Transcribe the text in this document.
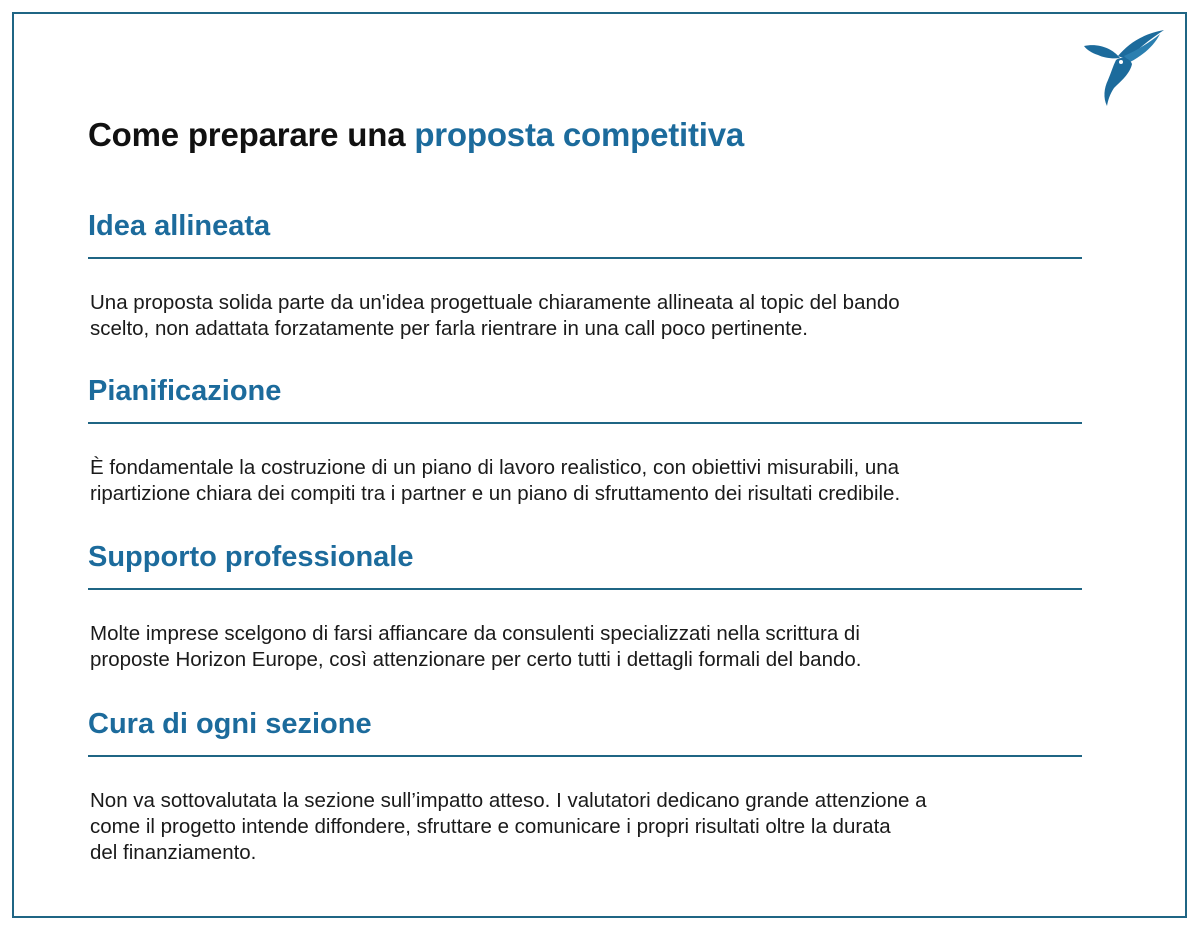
Come preparare una proposta competitiva
Idea allineata

Una proposta solida parte da un'idea progettuale chiaramente allineata al topic del bando
scelto, non adattata forzatamente per farla rientrare in una call poco pertinente.

Pianificazione

È fondamentale la costruzione di un piano di lavoro realistico, con obiettivi misurabili, una
ripartizione chiara dei compiti tra i partner e un piano di sfruttamento dei risultati credibile.

Supporto professionale

Molte imprese scelgono di farsi affiancare da consulenti specializzati nella scrittura di
proposte Horizon Europe, così attenzionare per certo tutti i dettagli formali del bando.

Cura di ogni sezione

Non va sottovalutata la sezione sull’impatto atteso. I valutatori dedicano grande attenzione a
come il progetto intende diffondere, sfruttare e comunicare i propri risultati oltre la durata
del finanziamento.
